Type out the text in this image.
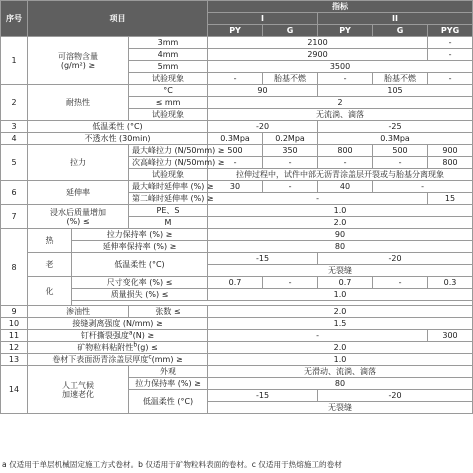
序号	项目			指标				
				I		II		
				PY	G	PY	G	PYG
1	可溶物含量
(g/m²) ≥		3mm	2100				-
			4mm	2900				-
			5mm	3500				
			试验现象	-	胎基不燃	-	胎基不燃	-
2	耐热性		°C	90		105		
			≤ mm	2				
			试验现象	无流淌、滴落				
3	低温柔性 (°C)			-20		-25		
4	不透水性 (30min)			0.3Mpa	0.2Mpa	0.3Mpa		
5	拉力		最大峰拉力 (N/50mm) ≥	500	350	800	500	900
			次高峰拉力 (N/50mm) ≥	-	-	-	-	800
			试验现象	拉伸过程中，试件中部无沥青涂盖层开裂或与胎基分离现象				
6	延伸率		最大峰时延伸率 (%) ≥	30	-	40	-	
			第二峰时延伸率 (%) ≥	-				15
7	浸水后质量增加
(%) ≤		PE、S	1.0				
			M	2.0				
8	热	拉力保持率 (%) ≥		90				
		延伸率保持率 (%) ≥		80				
	老	低温柔性 (°C)		-15		-20		
				无裂缝				
	化	尺寸变化率 (%) ≤		0.7	-	0.7	-	0.3
		质量损失 (%) ≤		1.0				

9	渗油性		张数 ≤	2.0				
10	接缝剥离强度 (N/mm) ≥			1.5				
11	钉杆撕裂强度$^a$(N) ≥			-				300
12	矿物粒料粘附性$^b$(g) ≤			2.0				
13	卷材下表面沥青涂盖层厚度$^c$(mm) ≥			1.0				
14	人工气候
加速老化		外观	无滑动、流淌、滴落				
			拉力保持率 (%) ≥	80				
			低温柔性 (°C)	-15		-20		
				无裂缝				
a 仅适用于单层机械固定施工方式卷材。b 仅适用于矿物粒料表面的卷材。c 仅适用于热熔施工的卷材
